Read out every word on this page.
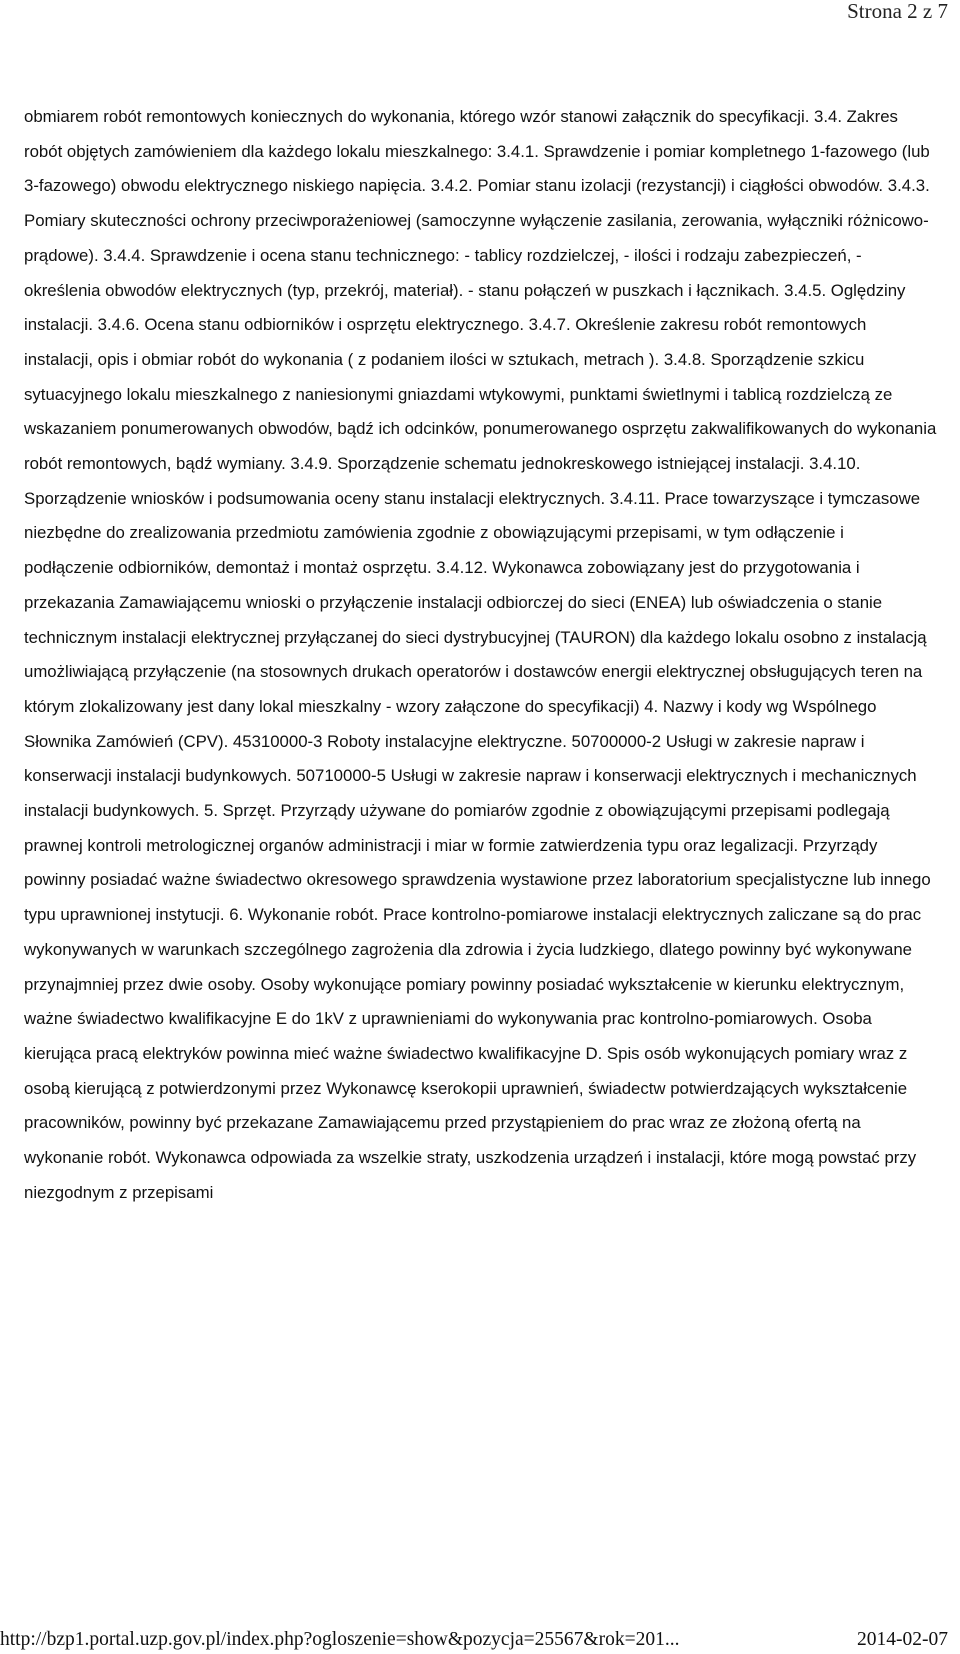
Strona 2 z 7

obmiarem robót remontowych koniecznych do wykonania, którego wzór stanowi załącznik do specyfikacji. 3.4. Zakres robót objętych zamówieniem dla każdego lokalu mieszkalnego: 3.4.1. Sprawdzenie i pomiar kompletnego 1-fazowego (lub 3-fazowego) obwodu elektrycznego niskiego napięcia. 3.4.2. Pomiar stanu izolacji (rezystancji) i ciągłości obwodów. 3.4.3. Pomiary skuteczności ochrony przeciwporażeniowej (samoczynne wyłączenie zasilania, zerowania, wyłączniki różnicowo-prądowe). 3.4.4. Sprawdzenie i ocena stanu technicznego: - tablicy rozdzielczej, - ilości i rodzaju zabezpieczeń, - określenia obwodów elektrycznych (typ, przekrój, materiał). - stanu połączeń w puszkach i łącznikach. 3.4.5. Oględziny instalacji. 3.4.6. Ocena stanu odbiorników i osprzętu elektrycznego. 3.4.7. Określenie zakresu robót remontowych instalacji, opis i obmiar robót do wykonania ( z podaniem ilości w sztukach, metrach ). 3.4.8. Sporządzenie szkicu sytuacyjnego lokalu mieszkalnego z naniesionymi gniazdami wtykowymi, punktami świetlnymi i tablicą rozdzielczą ze wskazaniem ponumerowanych obwodów, bądź ich odcinków, ponumerowanego osprzętu zakwalifikowanych do wykonania robót remontowych, bądź wymiany. 3.4.9. Sporządzenie schematu jednokreskowego istniejącej instalacji. 3.4.10. Sporządzenie wniosków i podsumowania oceny stanu instalacji elektrycznych. 3.4.11. Prace towarzyszące i tymczasowe niezbędne do zrealizowania przedmiotu zamówienia zgodnie z obowiązującymi przepisami, w tym odłączenie i podłączenie odbiorników, demontaż i montaż osprzętu. 3.4.12. Wykonawca zobowiązany jest do przygotowania i przekazania Zamawiającemu wnioski o przyłączenie instalacji odbiorczej do sieci (ENEA) lub oświadczenia o stanie technicznym instalacji elektrycznej przyłączanej do sieci dystrybucyjnej (TAURON) dla każdego lokalu osobno z instalacją umożliwiającą przyłączenie (na stosownych drukach operatorów i dostawców energii elektrycznej obsługujących teren na którym zlokalizowany jest dany lokal mieszkalny - wzory załączone do specyfikacji) 4. Nazwy i kody wg Wspólnego Słownika Zamówień (CPV). 45310000-3 Roboty instalacyjne elektryczne. 50700000-2 Usługi w zakresie napraw i konserwacji instalacji budynkowych. 50710000-5 Usługi w zakresie napraw i konserwacji elektrycznych i mechanicznych instalacji budynkowych. 5. Sprzęt. Przyrządy używane do pomiarów zgodnie z obowiązującymi przepisami podlegają prawnej kontroli metrologicznej organów administracji i miar w formie zatwierdzenia typu oraz legalizacji. Przyrządy powinny posiadać ważne świadectwo okresowego sprawdzenia wystawione przez laboratorium specjalistyczne lub innego typu uprawnionej instytucji. 6. Wykonanie robót. Prace kontrolno-pomiarowe instalacji elektrycznych zaliczane są do prac wykonywanych w warunkach szczególnego zagrożenia dla zdrowia i życia ludzkiego, dlatego powinny być wykonywane przynajmniej przez dwie osoby. Osoby wykonujące pomiary powinny posiadać wykształcenie w kierunku elektrycznym, ważne świadectwo kwalifikacyjne E do 1kV z uprawnieniami do wykonywania prac kontrolno-pomiarowych. Osoba kierująca pracą elektryków powinna mieć ważne świadectwo kwalifikacyjne D. Spis osób wykonujących pomiary wraz z osobą kierującą z potwierdzonymi przez Wykonawcę kserokopii uprawnień, świadectw potwierdzających wykształcenie pracowników, powinny być przekazane Zamawiającemu przed przystąpieniem do prac wraz ze złożoną ofertą na wykonanie robót. Wykonawca odpowiada za wszelkie straty, uszkodzenia urządzeń i instalacji, które mogą powstać przy niezgodnym z przepisami

http://bzp1.portal.uzp.gov.pl/index.php?ogloszenie=show&pozycja=25567&rok=201...	2014-02-07
